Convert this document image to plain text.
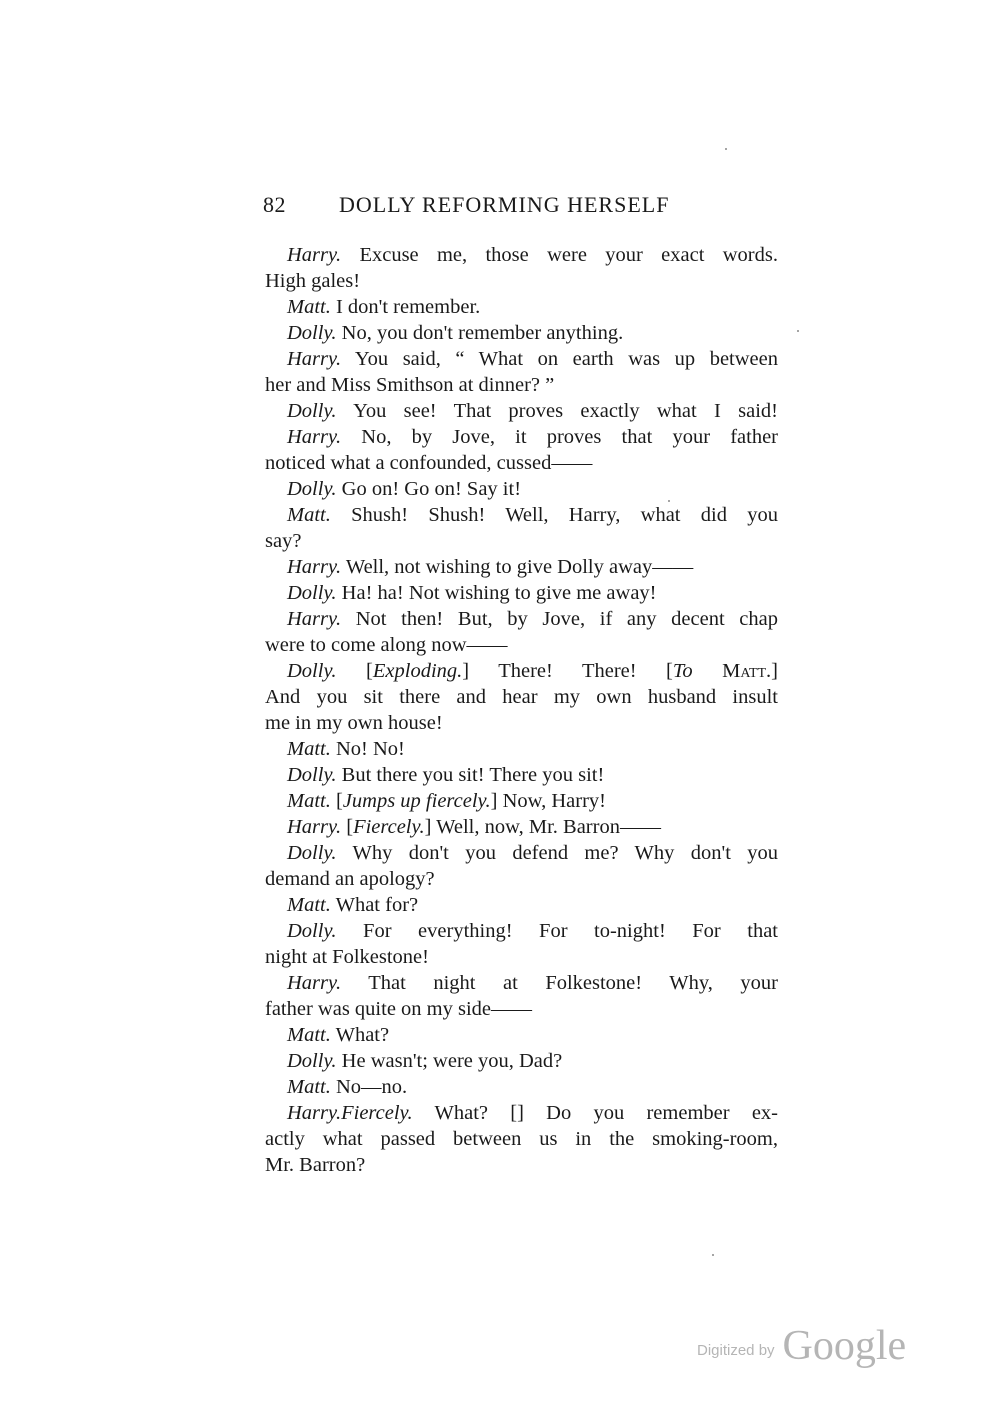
82 DOLLY REFORMING HERSELF
Harry. Excuse me, those were your exact words.
High gales!
Matt. I don't remember.
Dolly. No, you don't remember anything.
Harry. You said, “ What on earth was up between
her and Miss Smithson at dinner? ”
Dolly. You see! That proves exactly what I said!
Harry. No, by Jove, it proves that your father
noticed what a confounded, cussed——
Dolly. Go on! Go on! Say it!
Matt. Shush! Shush! Well, Harry, what did you
say?
Harry. Well, not wishing to give Dolly away——
Dolly. Ha! ha! Not wishing to give me away!
Harry. Not then! But, by Jove, if any decent chap
were to come along now——
Dolly. [Exploding.] There! There! [To Matt.]
And you sit there and hear my own husband insult
me in my own house!
Matt. No! No!
Dolly. But there you sit! There you sit!
Matt. [Jumps up fiercely.] Now, Harry!
Harry. [Fiercely.] Well, now, Mr. Barron——
Dolly. Why don't you defend me? Why don't you
demand an apology?
Matt. What for?
Dolly. For everything! For to-night! For that
night at Folkestone!
Harry. That night at Folkestone! Why, your
father was quite on my side——
Matt. What?
Dolly. He wasn't; were you, Dad?
Matt. No—no.
Harry.Fiercely. What? [] Do you remember ex-
actly what passed between us in the smoking-room,
Mr. Barron?
Digitized by Google
